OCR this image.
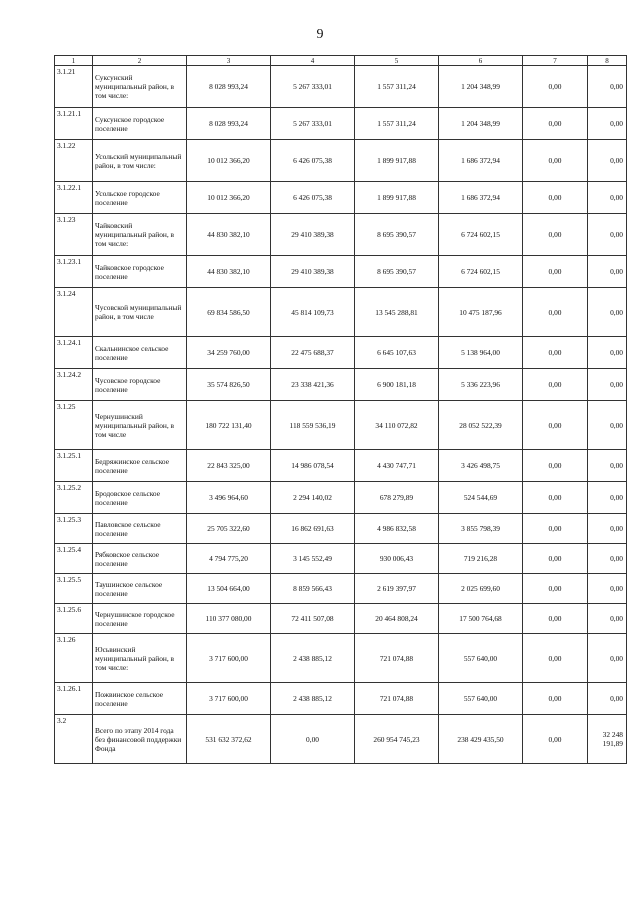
9
1	2	3	4	5	6	7	8
3.1.21	Суксунский муниципальный район, в том числе:	8 028 993,24	5 267 333,01	1 557 311,24	1 204 348,99	0,00	0,00
3.1.21.1	Суксунское городское поселение	8 028 993,24	5 267 333,01	1 557 311,24	1 204 348,99	0,00	0,00
3.1.22	Усольский муниципальный район, в том числе:	10 012 366,20	6 426 075,38	1 899 917,88	1 686 372,94	0,00	0,00
3.1.22.1	Усольское городское поселение	10 012 366,20	6 426 075,38	1 899 917,88	1 686 372,94	0,00	0,00
3.1.23	Чайковский муниципальный район, в том числе:	44 830 382,10	29 410 389,38	8 695 390,57	6 724 602,15	0,00	0,00
3.1.23.1	Чайковское городское поселение	44 830 382,10	29 410 389,38	8 695 390,57	6 724 602,15	0,00	0,00
3.1.24	Чусовской муниципальный район, в том числе	69 834 586,50	45 814 109,73	13 545 288,81	10 475 187,96	0,00	0,00
3.1.24.1	Скальнинское сельское поселение	34 259 760,00	22 475 688,37	6 645 107,63	5 138 964,00	0,00	0,00
3.1.24.2	Чусовское городское поселение	35 574 826,50	23 338 421,36	6 900 181,18	5 336 223,96	0,00	0,00
3.1.25	Чернушинский муниципальный район, в том числе	180 722 131,40	118 559 536,19	34 110 072,82	28 052 522,39	0,00	0,00
3.1.25.1	Бедряжинское сельское поселение	22 843 325,00	14 986 078,54	4 430 747,71	3 426 498,75	0,00	0,00
3.1.25.2	Бродовское сельское поселение	3 496 964,60	2 294 140,02	678 279,89	524 544,69	0,00	0,00
3.1.25.3	Павловское сельское поселение	25 705 322,60	16 862 691,63	4 986 832,58	3 855 798,39	0,00	0,00
3.1.25.4	Рябковское сельское поселение	4 794 775,20	3 145 552,49	930 006,43	719 216,28	0,00	0,00
3.1.25.5	Таушинское сельское поселение	13 504 664,00	8 859 566,43	2 619 397,97	2 025 699,60	0,00	0,00
3.1.25.6	Чернушинское городское поселение	110 377 080,00	72 411 507,08	20 464 808,24	17 500 764,68	0,00	0,00
3.1.26	Юсьвинский муниципальный район, в том числе:	3 717 600,00	2 438 885,12	721 074,88	557 640,00	0,00	0,00
3.1.26.1	Пожвинское сельское поселение	3 717 600,00	2 438 885,12	721 074,88	557 640,00	0,00	0,00
3.2	Всего по этапу 2014 года без финансовой поддержки Фонда	531 632 372,62	0,00	260 954 745,23	238 429 435,50	0,00	32 248 191,89
